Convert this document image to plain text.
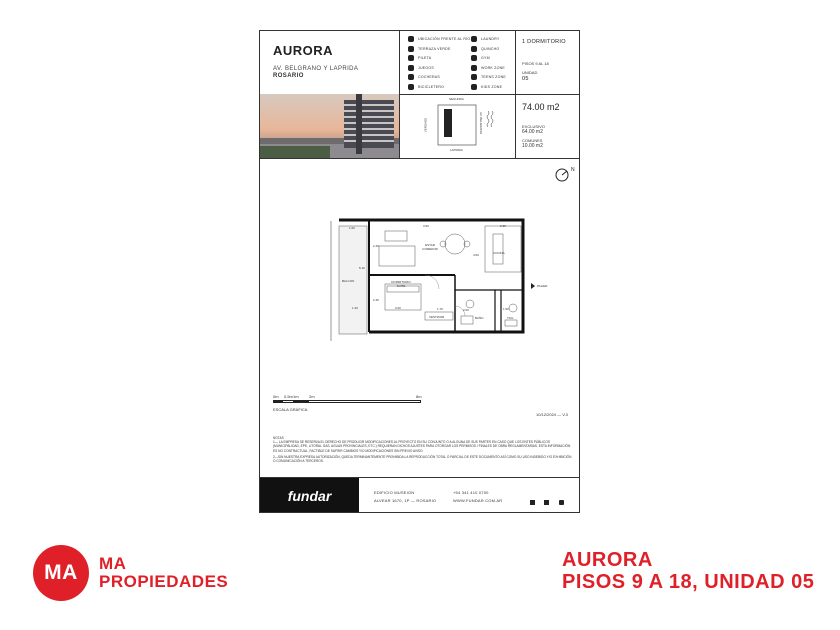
AURORA
AV. BELGRANO Y LAPRIDA
ROSARIO
UBICACIÓN FRENTE AL RÍO
TERRAZA VERDE
PILETA
JUEGOS
COCHERAS
BICICLETERO
LAUNDRY
QUINCHO
GYM
WORK ZONE
TEENS ZONE
KIDS ZONE
1 DORMITORIO
PISOS 9 AL 18
UNIDAD
05
74.00 m2
EXCLUSIVO
64.00 m2
COMUNES
10.00 m2
SEGUNDA
VERSAGE	AV. BELGRANO
LAPRIDA
N
ESTAR COMEDOR
COCINA
BALCON	DORMITORIO SUITE
VESTIDOR	BAÑO	TOIL
PALIER
1.60	3.90	2.35
2.45
5.10
4.60
1.40	3.00	2.00
1.70	1.50
2.45
0m 0.5m 1m	2m	8m
ESCALA GRÁFICA
10/12/2024 — V.3
NOTAS
1— LA EMPRESA SE RESERVA EL DERECHO DE PRODUCIR MODIFICACIONES AL PROYECTO EN SU CONJUNTO O A ALGUNA DE SUS PARTES EN CASO QUE LOS ENTES PÚBLICOS (MUNICIPALIDAD, EPE, LITORAL GAS, AGUAS PROVINCIALES, ETC.) REQUIERAN DICHOS AJUSTES PARA OTORGAR LOS PERMISOS / FINALES DE OBRA REGLAMENTARIAS. ESTA INFORMACIÓN ES NO CONTRACTUAL, FACTIBLE DE SUFRIR CAMBIOS Y/O MODIFICACIONES SIN PREVIO AVISO.
2—SIN NUESTRA EXPRESA AUTORIZACIÓN, QUEDA TERMINANTEMENTE PROHIBIDA LA REPRODUCCIÓN TOTAL O PARCIAL DE ESTE DOCUMENTO ASÍ COMO SU USO INDEBIDO Y/O EXHIBICIÓN O COMUNICACIÓN A TERCEROS.
fundar	EDIFICIO MUSEION
ALVEAR 1670, 1P — ROSARIO
+54 341 410 0700
WWW.FUNDAR.COM.AR

MA	MA
PROPIEDADES
AURORA
PISOS 9 A 18, UNIDAD 05
